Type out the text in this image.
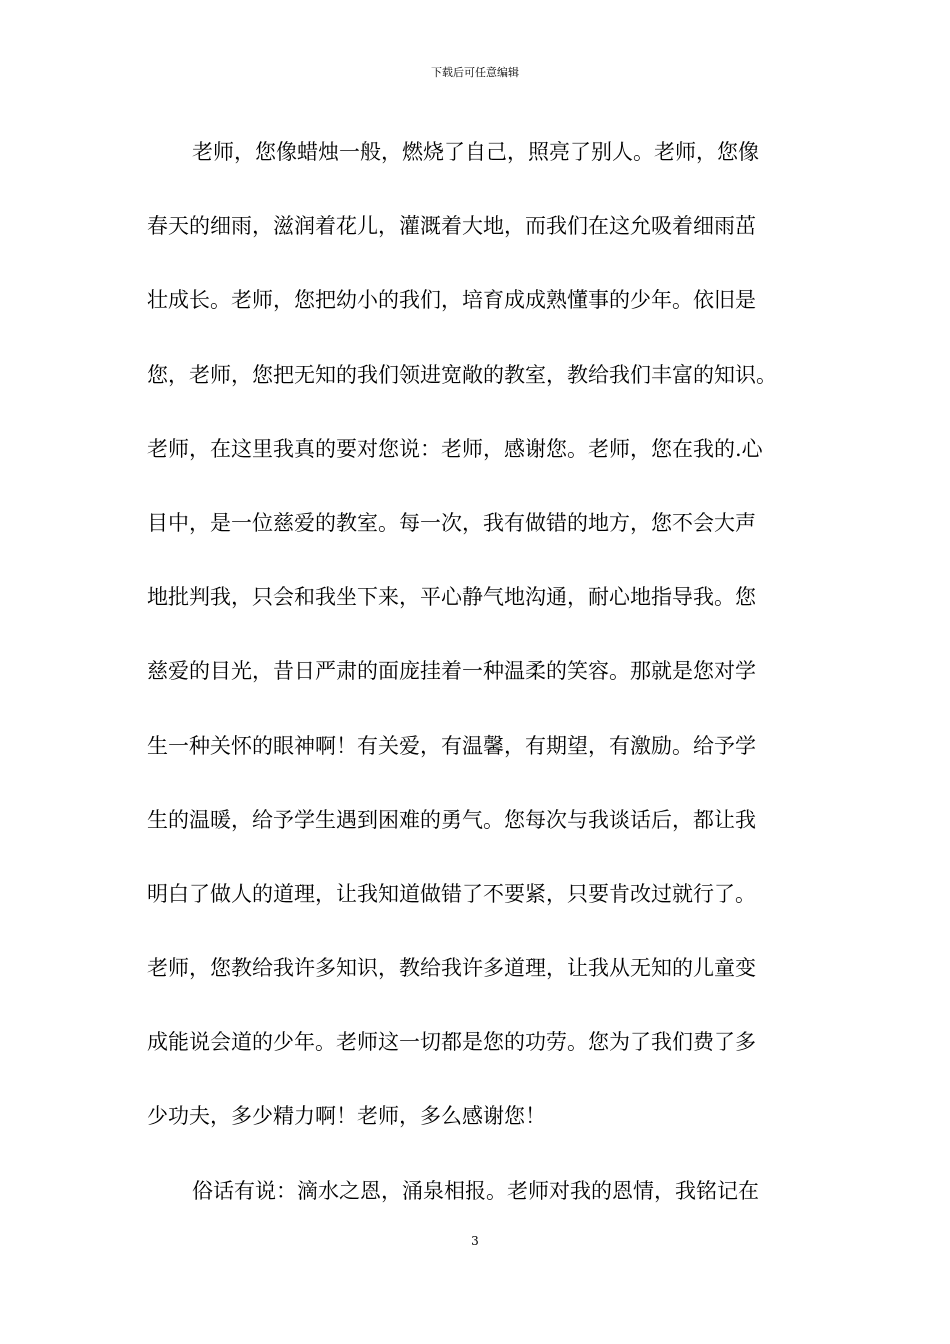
下载后可任意编辑
老师，您像蜡烛一般，燃烧了自己，照亮了别人。老师，您像
春天的细雨，滋润着花儿，灌溉着大地，而我们在这允吸着细雨茁
壮成长。老师，您把幼小的我们，培育成成熟懂事的少年。依旧是
您，老师，您把无知的我们领进宽敞的教室，教给我们丰富的知识。
老师，在这里我真的要对您说：老师，感谢您。老师，您在我的.心
目中，是一位慈爱的教室。每一次，我有做错的地方，您不会大声
地批判我，只会和我坐下来，平心静气地沟通，耐心地指导我。您
慈爱的目光，昔日严肃的面庞挂着一种温柔的笑容。那就是您对学
生一种关怀的眼神啊！有关爱，有温馨，有期望，有激励。给予学
生的温暖，给予学生遇到困难的勇气。您每次与我谈话后，都让我
明白了做人的道理，让我知道做错了不要紧，只要肯改过就行了。
老师，您教给我许多知识，教给我许多道理，让我从无知的儿童变
成能说会道的少年。老师这一切都是您的功劳。您为了我们费了多
少功夫，多少精力啊！老师，多么感谢您！
俗话有说：滴水之恩，涌泉相报。老师对我的恩情，我铭记在
3
